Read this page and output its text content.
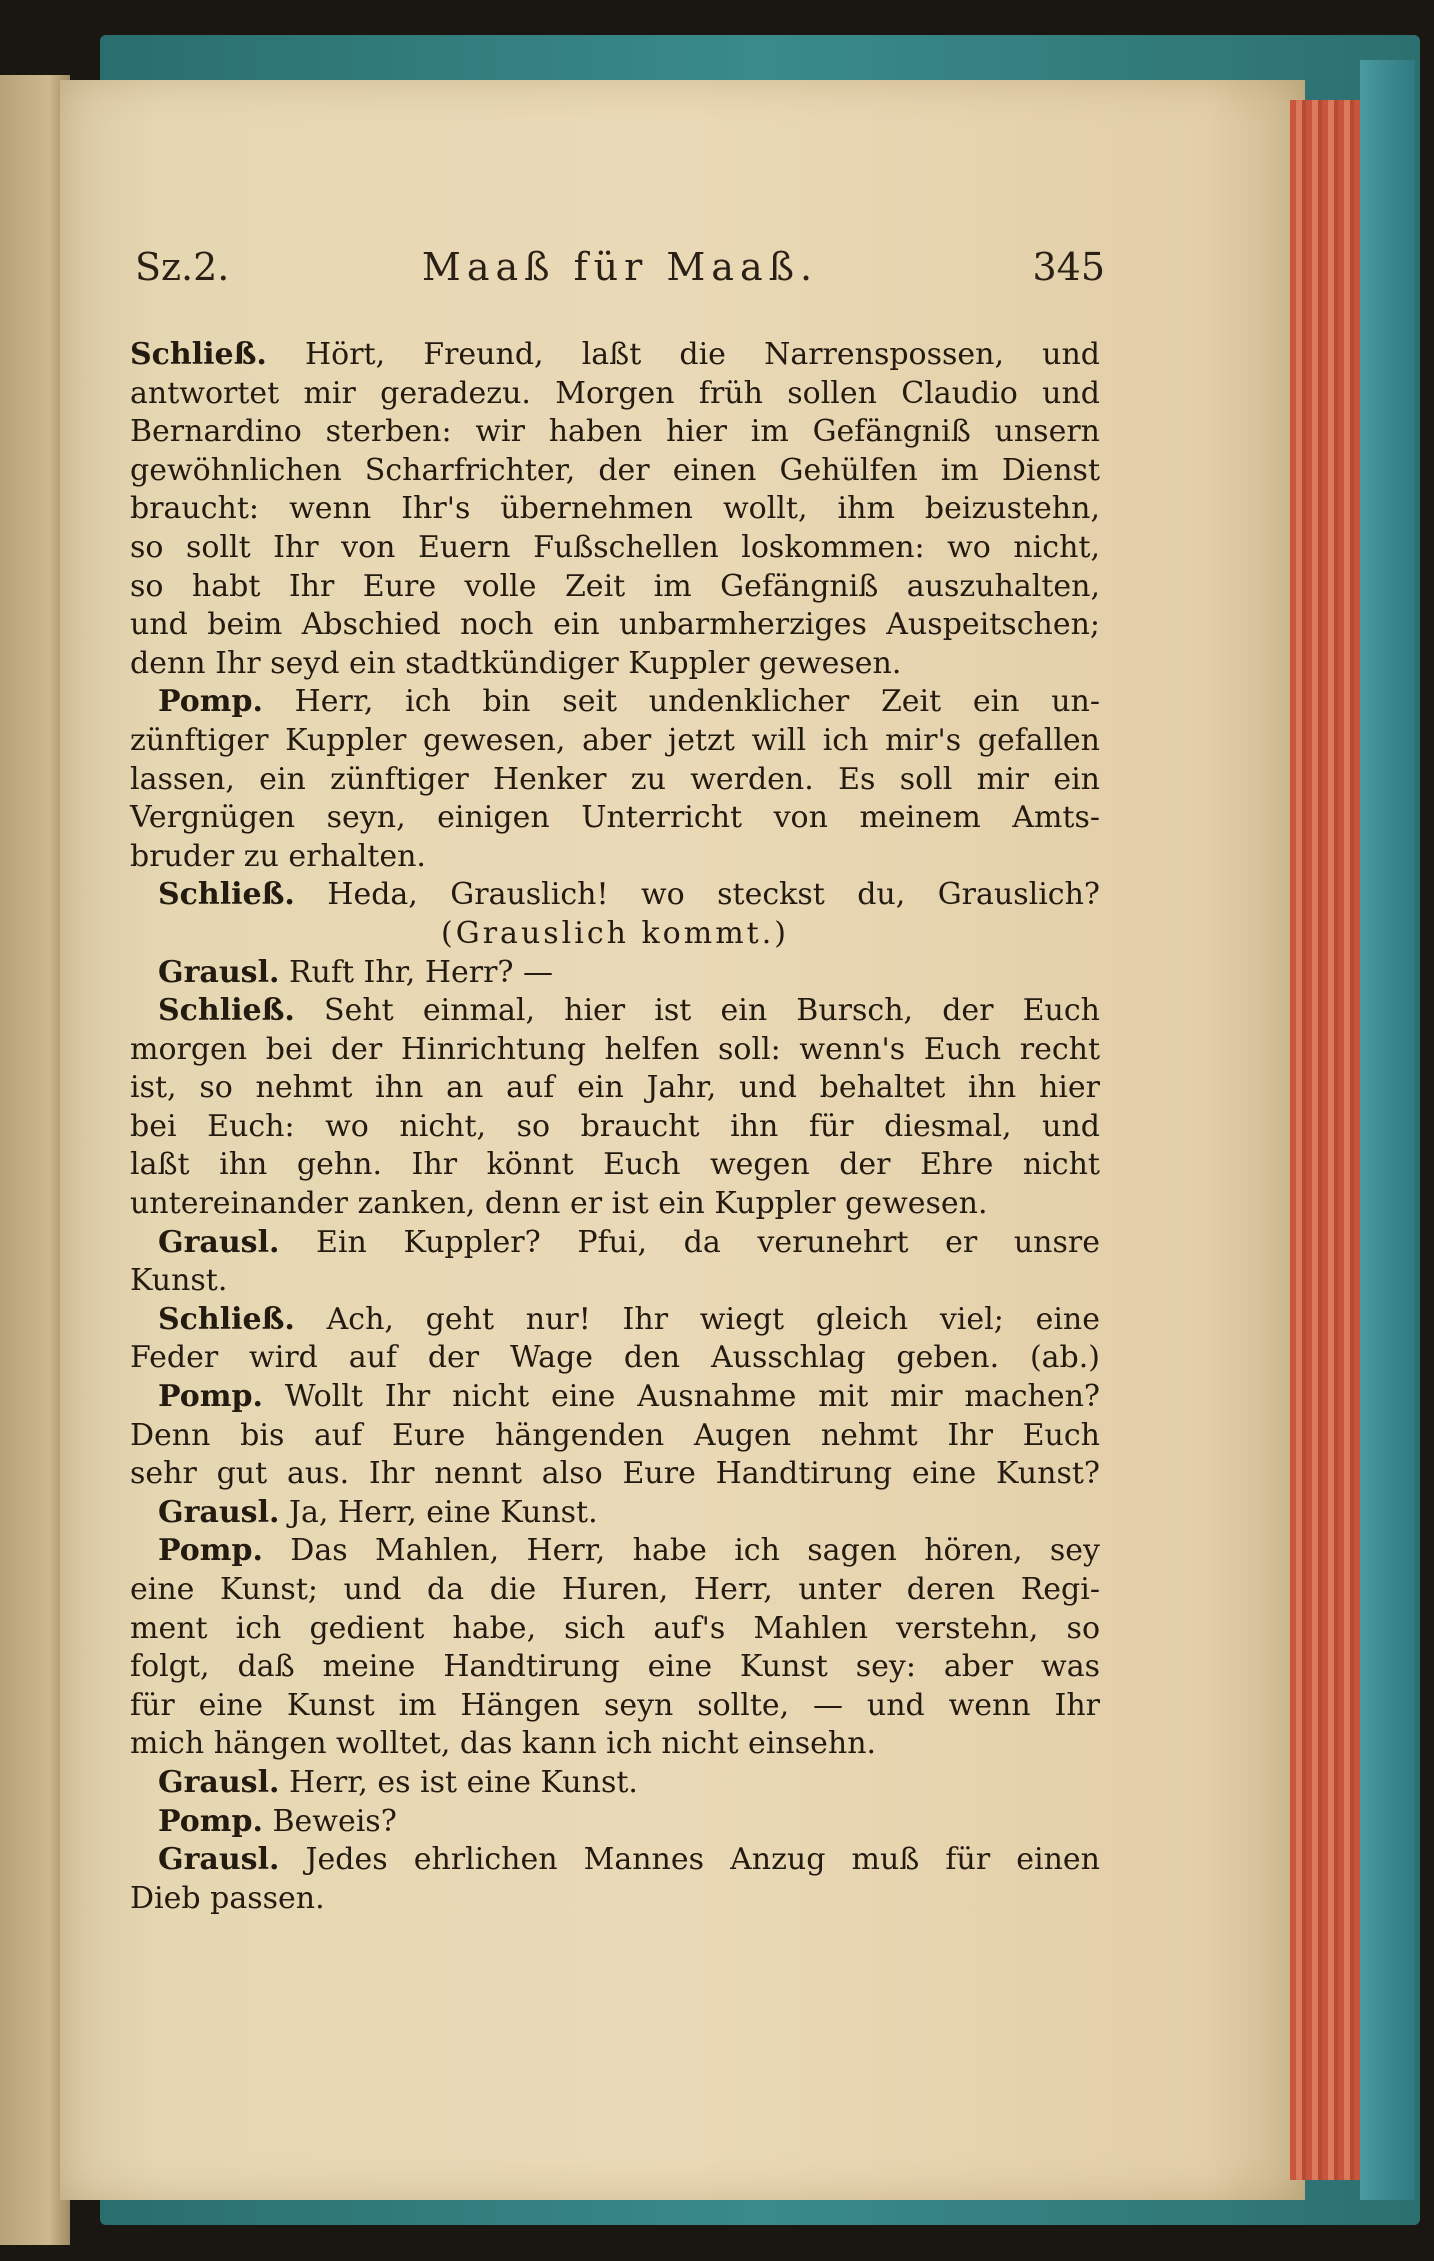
Sz.2.	Maaß für Maaß.	345
Schließ. Hört, Freund, laßt die Narrenspossen, und
antwortet mir geradezu. Morgen früh sollen Claudio und
Bernardino sterben: wir haben hier im Gefängniß unsern
gewöhnlichen Scharfrichter, der einen Gehülfen im Dienst
braucht: wenn Ihr's übernehmen wollt, ihm beizustehn,
so sollt Ihr von Euern Fußschellen loskommen: wo nicht,
so habt Ihr Eure volle Zeit im Gefängniß auszuhalten,
und beim Abschied noch ein unbarmherziges Auspeitschen;
denn Ihr seyd ein stadtkündiger Kuppler gewesen.
Pomp. Herr, ich bin seit undenklicher Zeit ein un-
zünftiger Kuppler gewesen, aber jetzt will ich mir's gefallen
lassen, ein zünftiger Henker zu werden. Es soll mir ein
Vergnügen seyn, einigen Unterricht von meinem Amts-
bruder zu erhalten.
Schließ. Heda, Grauslich! wo steckst du, Grauslich?
(Grauslich kommt.)
Grausl. Ruft Ihr, Herr? —
Schließ. Seht einmal, hier ist ein Bursch, der Euch
morgen bei der Hinrichtung helfen soll: wenn's Euch recht
ist, so nehmt ihn an auf ein Jahr, und behaltet ihn hier
bei Euch: wo nicht, so braucht ihn für diesmal, und
laßt ihn gehn. Ihr könnt Euch wegen der Ehre nicht
untereinander zanken, denn er ist ein Kuppler gewesen.
Grausl. Ein Kuppler? Pfui, da verunehrt er unsre
Kunst.
Schließ. Ach, geht nur! Ihr wiegt gleich viel; eine
Feder wird auf der Wage den Ausschlag geben. (ab.)
Pomp. Wollt Ihr nicht eine Ausnahme mit mir machen?
Denn bis auf Eure hängenden Augen nehmt Ihr Euch
sehr gut aus. Ihr nennt also Eure Handtirung eine Kunst?
Grausl. Ja, Herr, eine Kunst.
Pomp. Das Mahlen, Herr, habe ich sagen hören, sey
eine Kunst; und da die Huren, Herr, unter deren Regi-
ment ich gedient habe, sich auf's Mahlen verstehn, so
folgt, daß meine Handtirung eine Kunst sey: aber was
für eine Kunst im Hängen seyn sollte, — und wenn Ihr
mich hängen wolltet, das kann ich nicht einsehn.
Grausl. Herr, es ist eine Kunst.
Pomp. Beweis?
Grausl. Jedes ehrlichen Mannes Anzug muß für einen
Dieb passen.
